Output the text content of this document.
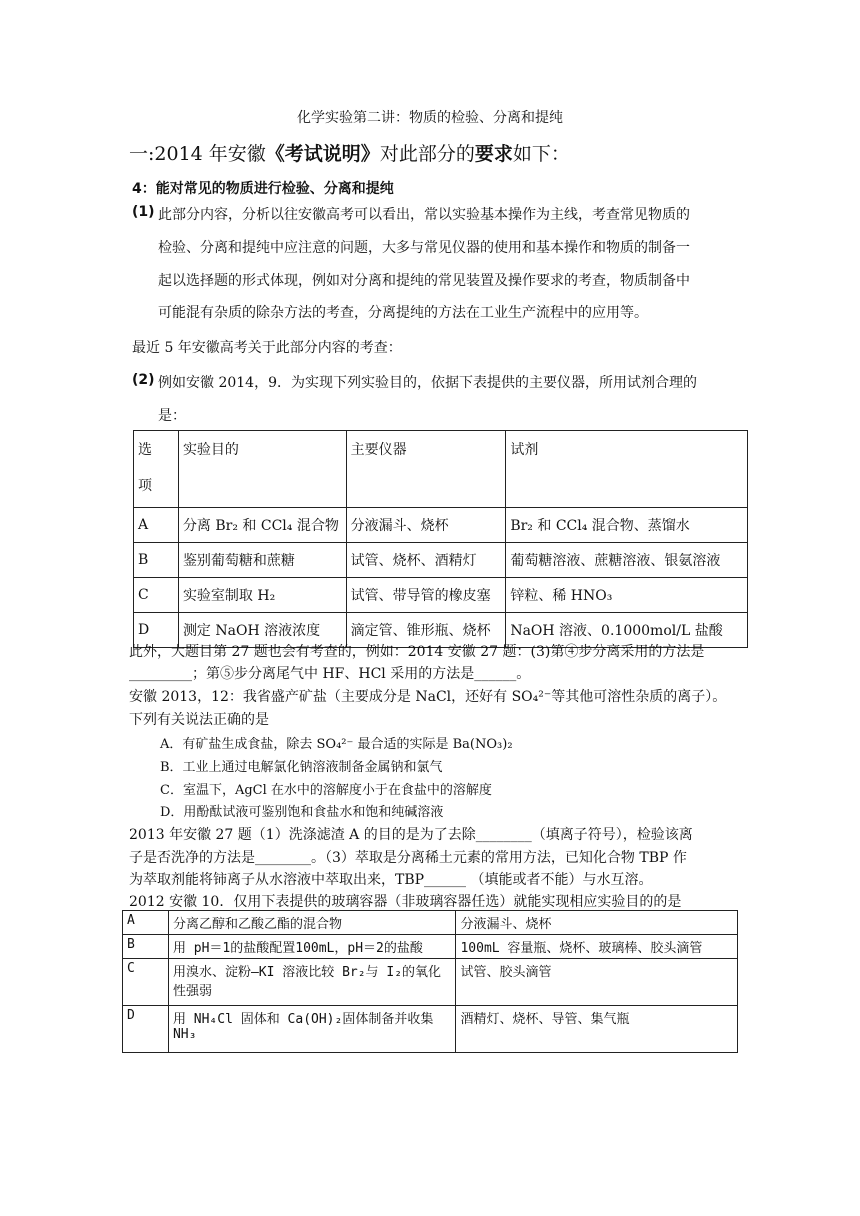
化学实验第二讲：物质的检验、分离和提纯
一:2014 年安徽《考试说明》对此部分的要求如下：
4：能对常见的物质进行检验、分离和提纯
(1) 此部分内容，分析以往安徽高考可以看出，常以实验基本操作为主线，考查常见物质的
检验、分离和提纯中应注意的问题，大多与常见仪器的使用和基本操作和物质的制备一
起以选择题的形式体现，例如对分离和提纯的常见装置及操作要求的考查，物质制备中
可能混有杂质的除杂方法的考查，分离提纯的方法在工业生产流程中的应用等。
最近 5 年安徽高考关于此部分内容的考查：
(2) 例如安徽 2014，9．为实现下列实验目的，依据下表提供的主要仪器，所用试剂合理的
是：
选

项	实验目的	主要仪器	试剂
A	分离 Br₂ 和 CCl₄ 混合物	分液漏斗、烧杯	Br₂ 和 CCl₄ 混合物、蒸馏水
B	鉴别葡萄糖和蔗糖	试管、烧杯、酒精灯	葡萄糖溶液、蔗糖溶液、银氨溶液
C	实验室制取 H₂	试管、带导管的橡皮塞	锌粒、稀 HNO₃
D	测定 NaOH 溶液浓度	滴定管、锥形瓶、烧杯	NaOH 溶液、0.1000mol/L 盐酸
此外，大题目第 27 题也会有考查的，例如：2014 安徽 27 题：(3)第④步分离采用的方法是
_________；第⑤步分离尾气中 HF、HCl 采用的方法是______。
安徽 2013，12：我省盛产矿盐（主要成分是 NaCl，还好有 SO₄²⁻等其他可溶性杂质的离子）。
下列有关说法正确的是
A．有矿盐生成食盐，除去 SO₄²⁻ 最合适的实际是 Ba(NO₃)₂
B．工业上通过电解氯化钠溶液制备金属钠和氯气
C．室温下，AgCl 在水中的溶解度小于在食盐中的溶解度
D．用酚酞试液可鉴别饱和食盐水和饱和纯碱溶液
2013 年安徽 27 题（1）洗涤滤渣 A 的目的是为了去除________（填离子符号），检验该离
子是否洗净的方法是________。（3）萃取是分离稀土元素的常用方法，已知化合物 TBP 作
为萃取剂能将铈离子从水溶液中萃取出来，TBP______ （填能或者不能）与水互溶。
2012 安徽 10．仅用下表提供的玻璃容器（非玻璃容器任选）就能实现相应实验目的的是
A	分离乙醇和乙酸乙酯的混合物	分液漏斗、烧杯
B	用 pH＝1的盐酸配置100mL，pH＝2的盐酸	100mL 容量瓶、烧杯、玻璃棒、胶头滴管
C	用溴水、淀粉—KI 溶液比较 Br₂与 I₂的氧化性强弱	试管、胶头滴管
D	用 NH₄Cl 固体和 Ca(OH)₂固体制备并收集 NH₃	酒精灯、烧杯、导管、集气瓶
